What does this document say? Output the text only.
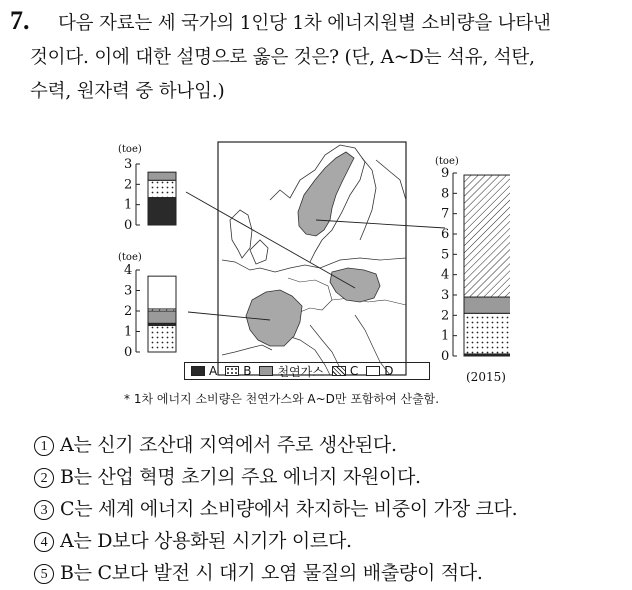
7. 다음 자료는 세 국가의 1인당 1차 에너지원별 소비량을 나타낸
것이다. 이에 대한 설명으로 옳은 것은? (단, A~D는 석유, 석탄,
수력, 원자력 중 하나임.)
(toe)
0
1
2
3
(toe)
0
1
2
3
4
(toe)
0
1
2
3
4
5
6
7
8
9
A B 천연가스 C D	(2015)
* 1차 에너지 소비량은 천연가스와 A~D만 포함하여 산출함.
1 A는 신기 조산대 지역에서 주로 생산된다.
2 B는 산업 혁명 초기의 주요 에너지 자원이다.
3 C는 세계 에너지 소비량에서 차지하는 비중이 가장 크다.
4 A는 D보다 상용화된 시기가 이르다.
5 B는 C보다 발전 시 대기 오염 물질의 배출량이 적다.
